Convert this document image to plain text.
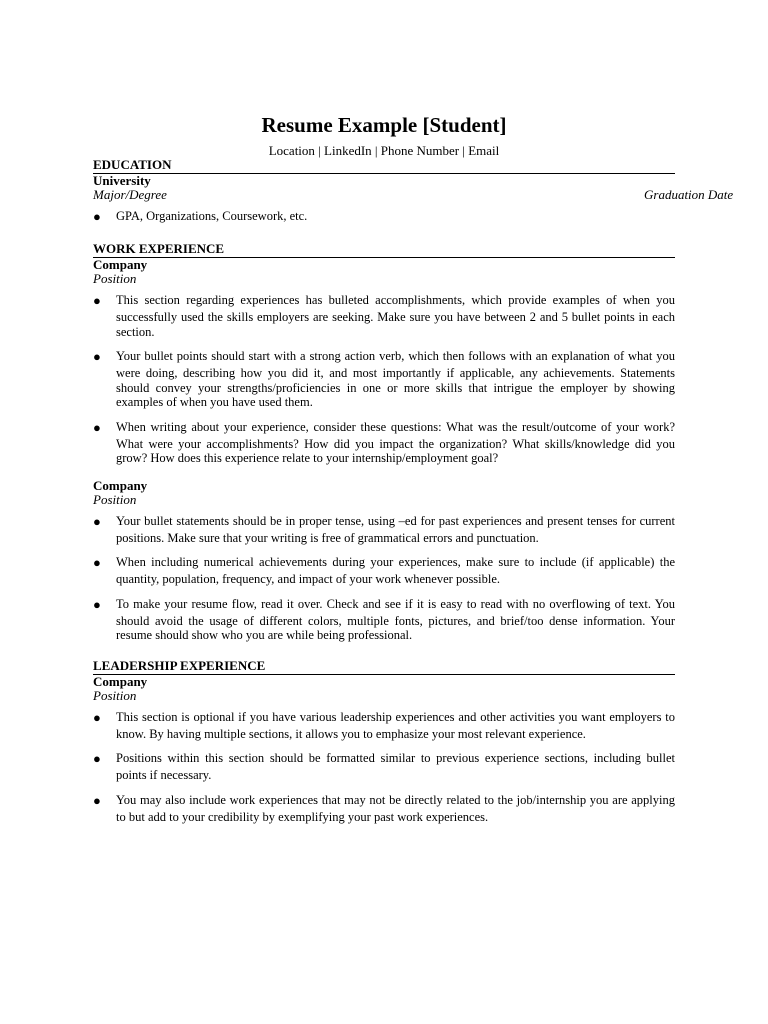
Resume Example [Student]
Location | LinkedIn | Phone Number | Email
EDUCATION
University
Major/Degree	Graduation Date
● GPA, Organizations, Coursework, etc.
WORK EXPERIENCE
Company
Position
● This section regarding experiences has bulleted accomplishments, which provide examples of when you successfully used the skills employers are seeking. Make sure you have between 2 and 5 bullet points in each section.
● Your bullet points should start with a strong action verb, which then follows with an explanation of what you were doing, describing how you did it, and most importantly if applicable, any achievements. Statements should convey your strengths/proficiencies in one or more skills that intrigue the employer by showing examples of when you have used them.
● When writing about your experience, consider these questions: What was the result/outcome of your work? What were your accomplishments? How did you impact the organization? What skills/knowledge did you grow? How does this experience relate to your internship/employment goal?
Company
Position
● Your bullet statements should be in proper tense, using –ed for past experiences and present tenses for current positions. Make sure that your writing is free of grammatical errors and punctuation.
● When including numerical achievements during your experiences, make sure to include (if applicable) the quantity, population, frequency, and impact of your work whenever possible.
● To make your resume flow, read it over. Check and see if it is easy to read with no overflowing of text. You should avoid the usage of different colors, multiple fonts, pictures, and brief/too dense information. Your resume should show who you are while being professional.
LEADERSHIP EXPERIENCE
Company
Position
● This section is optional if you have various leadership experiences and other activities you want employers to know. By having multiple sections, it allows you to emphasize your most relevant experience.
● Positions within this section should be formatted similar to previous experience sections, including bullet points if necessary.
● You may also include work experiences that may not be directly related to the job/internship you are applying to but add to your credibility by exemplifying your past work experiences.
